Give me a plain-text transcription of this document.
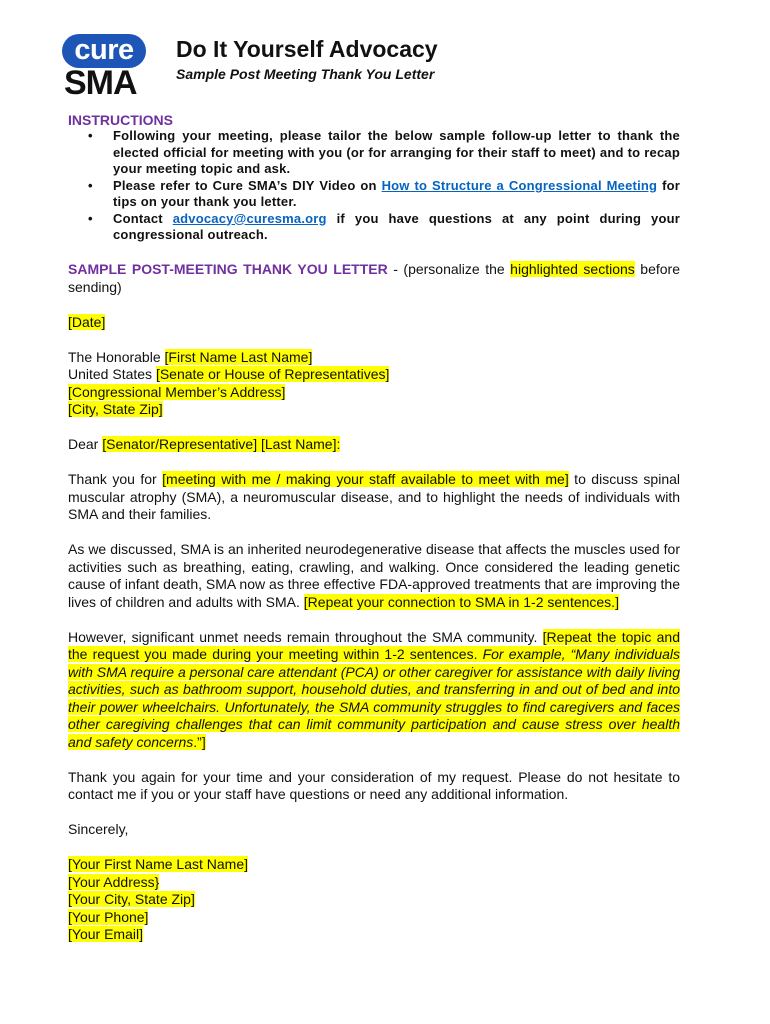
cure
SMA
Do It Yourself Advocacy
Sample Post Meeting Thank You Letter
INSTRUCTIONS
• Following your meeting, please tailor the below sample follow-up letter to thank the elected official for meeting with you (or for arranging for their staff to meet) and to recap your meeting topic and ask.
• Please refer to Cure SMA’s DIY Video on How to Structure a Congressional Meeting for tips on your thank you letter.
• Contact advocacy@curesma.org if you have questions at any point during your congressional outreach.

SAMPLE POST-MEETING THANK YOU LETTER - (personalize the highlighted sections before sending)

[Date]

The Honorable [First Name Last Name]
United States [Senate or House of Representatives]
[Congressional Member’s Address]
[City, State Zip]

Dear [Senator/Representative] [Last Name]:

Thank you for [meeting with me / making your staff available to meet with me] to discuss spinal muscular atrophy (SMA), a neuromuscular disease, and to highlight the needs of individuals with SMA and their families.

As we discussed, SMA is an inherited neurodegenerative disease that affects the muscles used for activities such as breathing, eating, crawling, and walking. Once considered the leading genetic cause of infant death, SMA now as three effective FDA-approved treatments that are improving the lives of children and adults with SMA. [Repeat your connection to SMA in 1-2 sentences.]

However, significant unmet needs remain throughout the SMA community. [Repeat the topic and the request you made during your meeting within 1-2 sentences. For example, “Many individuals with SMA require a personal care attendant (PCA) or other caregiver for assistance with daily living activities, such as bathroom support, household duties, and transferring in and out of bed and into their power wheelchairs. Unfortunately, the SMA community struggles to find caregivers and faces other caregiving challenges that can limit community participation and cause stress over health and safety concerns.”]

Thank you again for your time and your consideration of my request. Please do not hesitate to contact me if you or your staff have questions or need any additional information.

Sincerely,

[Your First Name Last Name]
[Your Address}
[Your City, State Zip]
[Your Phone]
[Your Email]
